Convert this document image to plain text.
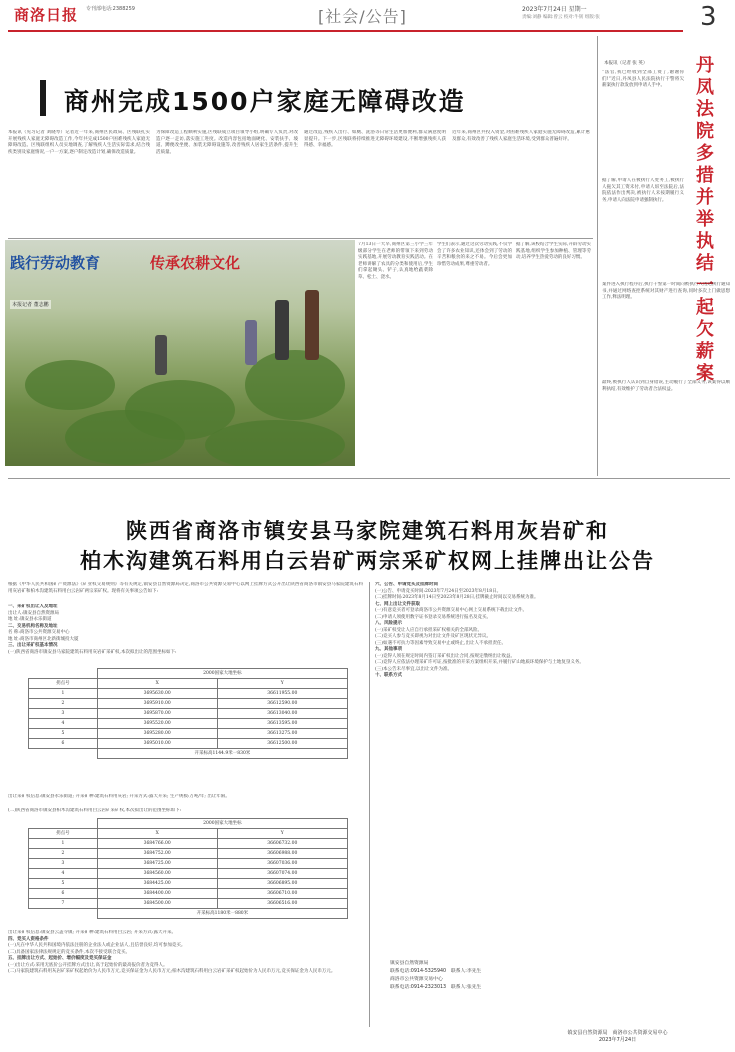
商洛日报 专刊部电话:2388259	[社会/公告]	2023年7月24日 星期一
责编:刘静 编辑:曾云 校对:牛韧 组版:张	3
商州完成1500户家庭无障碍改造
本报讯（见习记者 刘晓琴）记者近一年来,商州区民政局、区残联扎实开展残疾人家庭无障碍改造工作,今年共完成1500户困难残疾人家庭无障碍改造。区残联组织人员实地调查,了解残疾人生活实际需求,结合残疾类别及家庭情况,一户一方案,逐户制定改造计划,确保改造质量。
为保障改造工程顺利实施,区残联成立项目领导小组,明确专人负责,对改造户逐一走访,落实施工进度。改造内容包括地面硬化、安装扶手、坡道、蹲便改坐便、加装无障碍设施等,改善残疾人居家生活条件,提升生活质量。
通过改造,残疾人出行、如厕、洗浴等日常生活更加便利,群众满意度明显提升。下一步,区残联将持续推进无障碍环境建设,不断增强残疾人获得感、幸福感。
近年来,商州区共投入资金,对困难残疾人家庭实施无障碍改造,累计惠及群众,有效改善了残疾人家庭生活环境,受到群众普遍好评。
践行劳动教育	传承农耕文化
本报记者 董志鹏
7月13日一大早,商州区第三小学三年级部分学生在老师的带领下来到劳动实践基地,开展劳动教育实践活动。在老师讲解了农具的分类和使用后,学生们拿起锄头、铲子,认真地给蔬菜除草、松土、浇水。
学生们表示,通过这次劳动实践,不仅学会了许多农业知识,还体会到了劳动的辛苦和粮食的来之不易。今后会更加珍惜劳动成果,尊重劳动者。
据了解,该校结合学生实际,开辟劳动实践基地,组织学生参加种植、管理等劳动,培养学生热爱劳动的良好习惯。
本报讯（记者 张 英）	丹凤法院多措并举执结一起欠薪案
“法官,我已经收到全部工资了,谢谢你们!”近日,丹凤县人民法院执行干警将欠薪案执行款发放到申请人手中。
据了解,申请人在被执行人处务工,被执行人拖欠其工资未付,申请人诉至法院后,法院依法作出判决,被执行人未按期履行义务,申请人向法院申请强制执行。
案件进入执行程序后,执行干警第一时间向被执行人送达执行通知书,并通过网络查控系统对其财产进行查询,同时多次上门做思想工作,释法明理。
最终,被执行人认识到自身错误,主动履行了全部义务,该案得以顺利执结,有效维护了劳动者合法权益。
陕西省商洛市镇安县马家院建筑石料用灰岩矿和
柏木沟建筑石料用白云岩矿两宗采矿权网上挂牌出让公告
根据《中华人民共和国矿产资源法》《矿业权交易规则》等有关规定,镇安县自然资源局决定,商洛市公共资源交易中心以网上挂牌方式公开出让陕西省商洛市镇安县马家院建筑石料用灰岩矿和柏木沟建筑石料用白云岩矿两宗采矿权。现将有关事项公告如下:
一、采矿权出让人及地址
出让人:镇安县自然资源局
地 址:镇安县永乐街道
二、交易机构名称及地址
名 称:商洛市公共资源交易中心
地 址:商洛市商州区北新街城投大厦
三、出让采矿权基本情况
(一)陕西省商洛市镇安县马家院建筑石料用灰岩矿采矿权,本次拟出让的范围坐标如下:
	2000国家大地坐标	
拐点号	X	Y
1	3695630.00	36611955.00
2	3695910.00	36612590.00
3	3695870.00	36613040.00
4	3695520.00	36613595.00
5	3695280.00	36613275.00
6	3695010.00	36612500.00
	开采标高1144.9米一830米	
出让采矿权信息:镇安县永乐街道; 开采矿种:建筑石料用灰岩; 开采方式:露天开采; 生产规模:万吨/年; 出让年限。
(二)陕西省商洛市镇安县柏木沟建筑石料用白云岩矿采矿权,本次拟出让的范围坐标如下:
	2000国家大地坐标	
拐点号	X	Y
1	3684766.00	36606732.00
2	3684752.00	36606988.00
3	3684725.00	36607036.00
4	3684560.00	36607074.00
5	3684425.00	36606895.00
6	3684400.00	36606710.00
7	3684500.00	36606516.00
	开采标高1180米一880米	
出让采矿权信息:镇安县云盖寺镇; 开采矿种:建筑石料用白云岩; 开采方式:露天开采。
四、竞买人资格条件
(一)凡在中华人民共和国境内依法注册的企业法人或企业法人,且信誉良好,均可参加竞买。
(二)具备国家法律法规规定的竞买条件,本次不接受联合竞买。
五、挂牌出让方式、起始价、增价幅度及竞买保证金
(一)出让方式:采用无底价公开挂牌方式出让,高于起始价的最高报价者为竞得人。
(二)马家院建筑石料用灰岩矿采矿权起始价为人民币万元,竞买保证金为人民币万元;柏木沟建筑石料用白云岩矿采矿权起始价为人民币万元,竞买保证金为人民币万元。
六、公告、申请竞买及挂牌时间
(一)公告、申请竞买时间:2023年7月24日至2023年8月18日。
(二)挂牌时间:2023年8月14日至2023年8月28日,挂牌截止时间以交易系统为准。
七、网上出让文件获取
(一)有意竞买者可登录商洛市公共资源交易中心网上交易系统下载出让文件。
(二)申请人须使用数字证书登录交易系统进行报名及竞买。
八、风险提示
(一)采矿权受让人应自行承担采矿权相关的全部风险。
(二)竞买人参与竞买即视为对出让文件及矿区现状无异议。
(三)如遇不可抗力等因素导致交易中止或终止,出让人不承担责任。
九、其他事项
(一)竞得人须在规定时间内签订采矿权出让合同,按规定缴纳出让收益。
(二)竞得人应依法办理采矿许可证,按批准的开采方案组织开采,并履行矿山地质环境保护与土地复垦义务。
(三)本公告未尽事宜,以出让文件为准。
十、联系方式
镇安县自然资源局
联系电话:0914-5325940　联系人:李先生
商洛市公共资源交易中心
联系电话:0914-2323013　联系人:张先生
镇安县自然资源局　商洛市公共资源交易中心
2023年7月24日
